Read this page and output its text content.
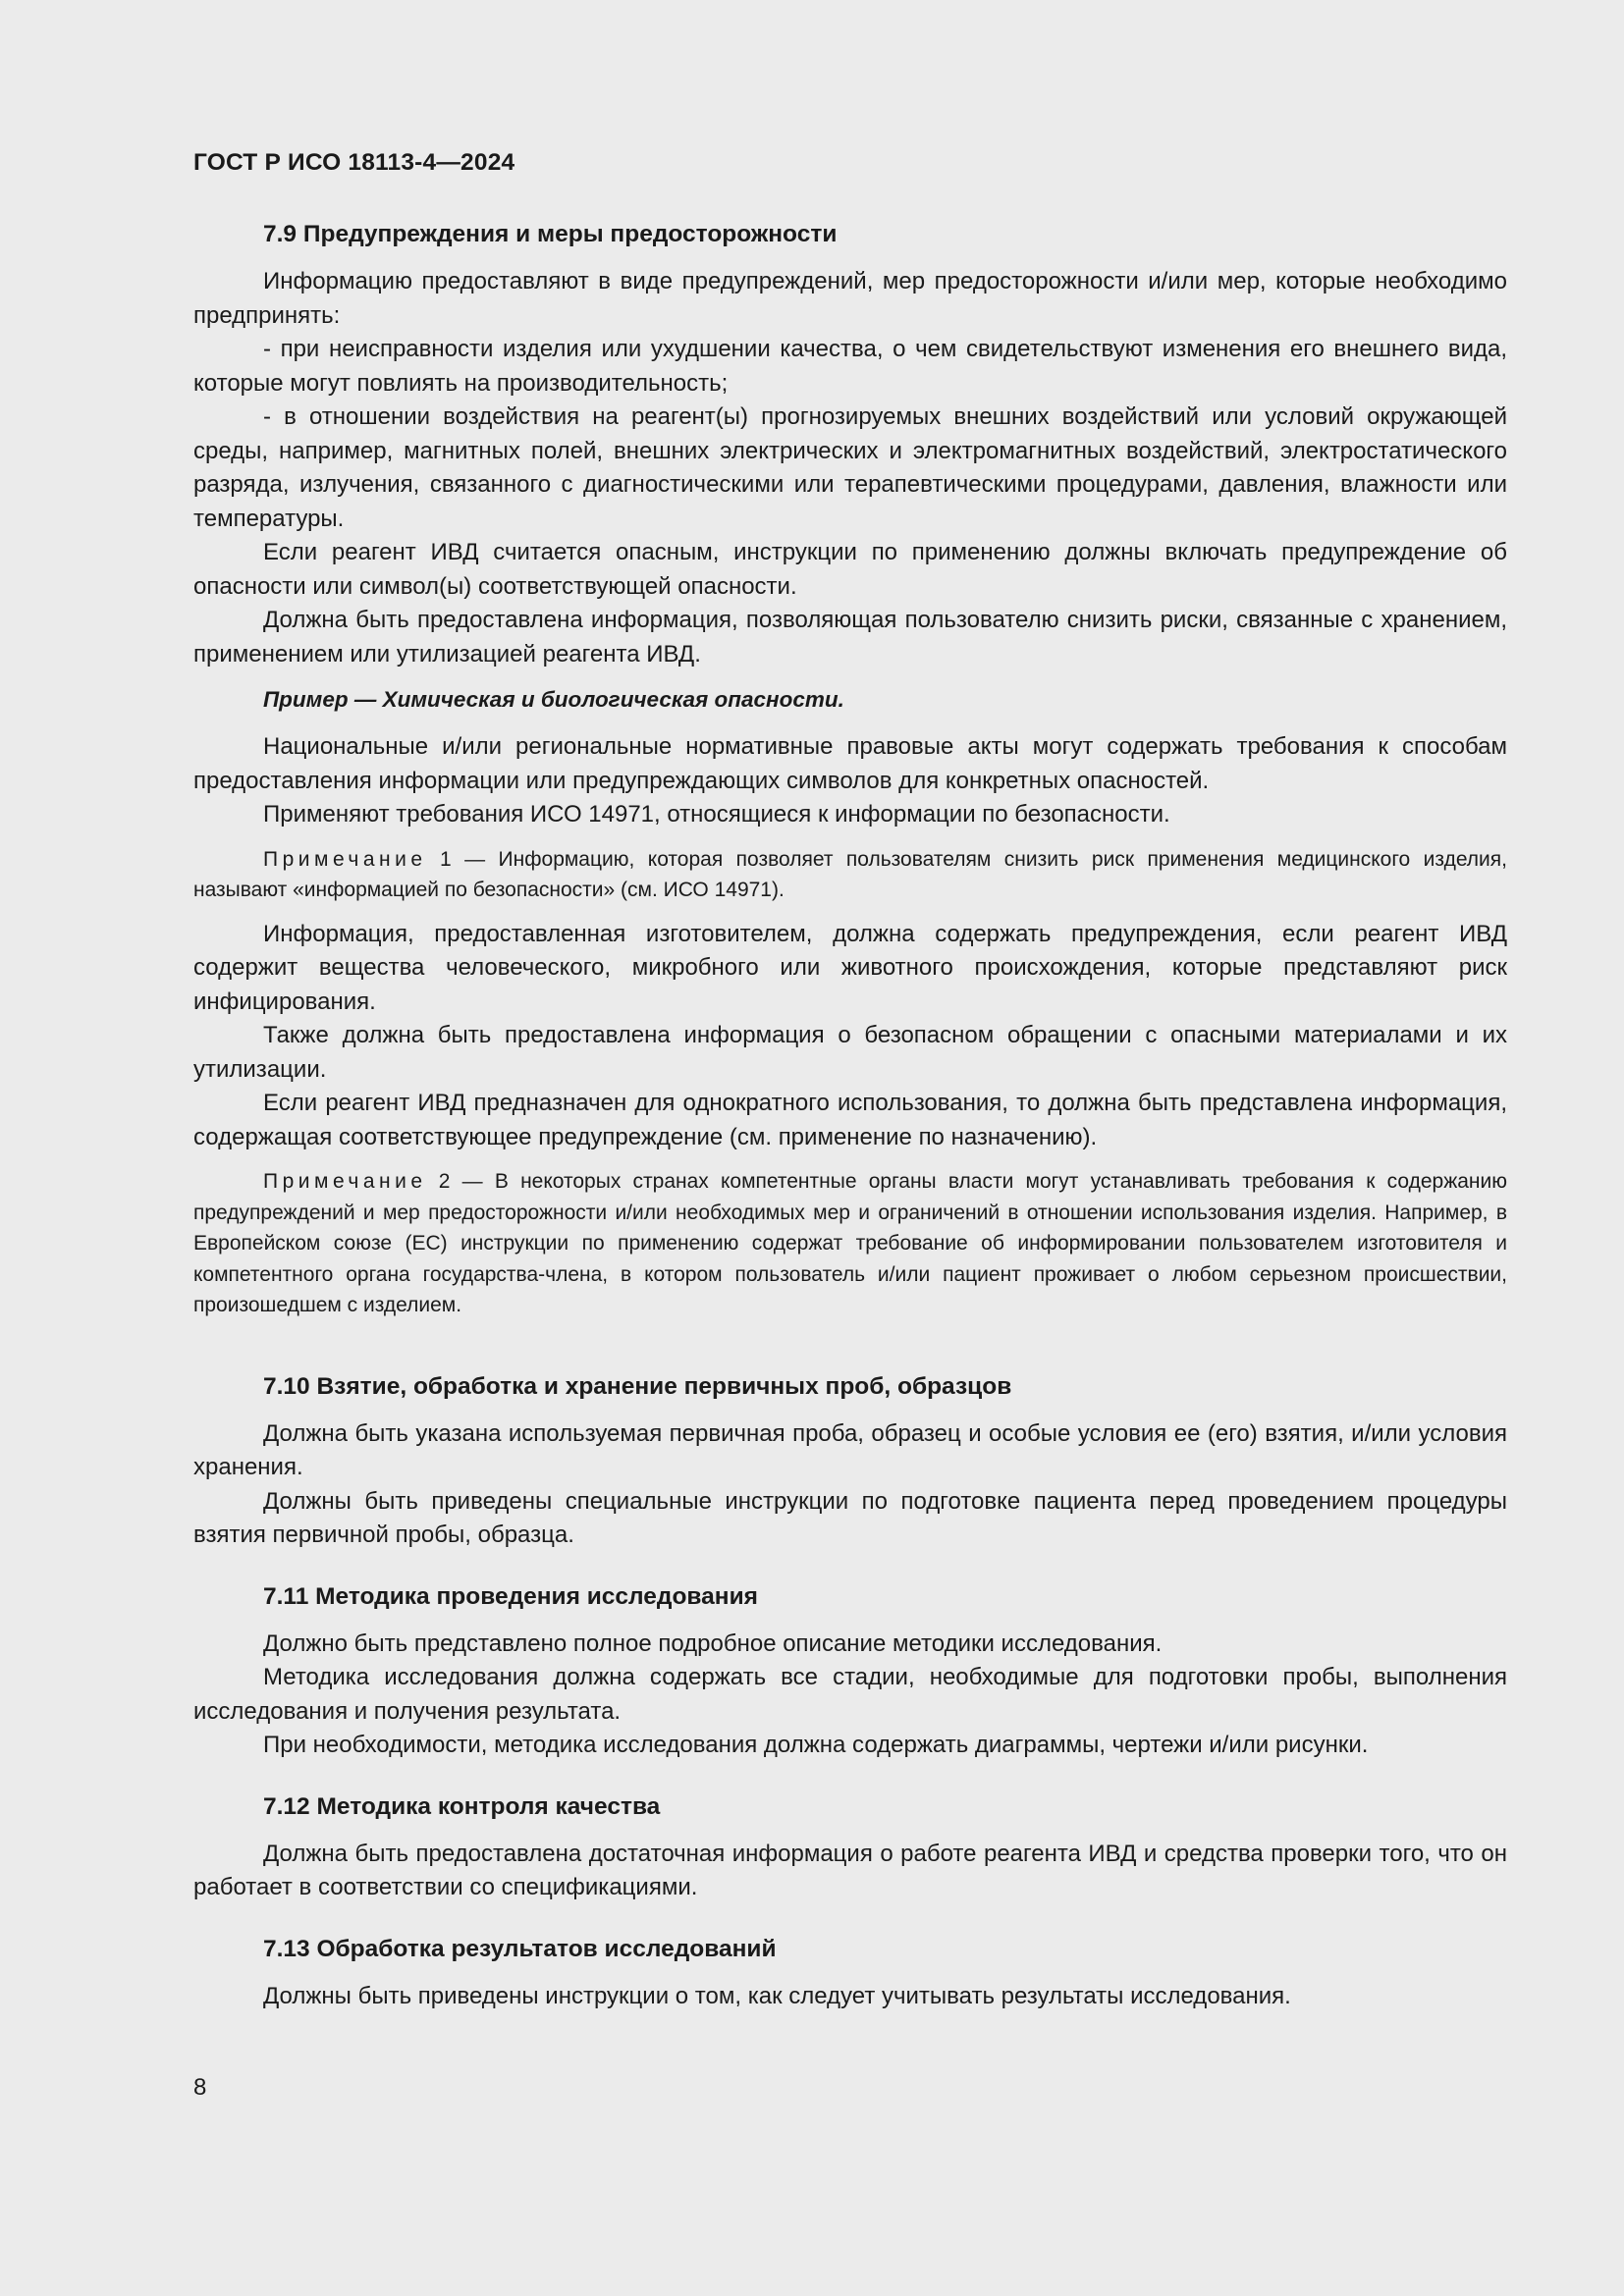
ГОСТ Р ИСО 18113-4—2024
7.9 Предупреждения и меры предосторожности

Информацию предоставляют в виде предупреждений, мер предосторожности и/или мер, которые необходимо предпринять:

- при неисправности изделия или ухудшении качества, о чем свидетельствуют изменения его внешнего вида, которые могут повлиять на производительность;

- в отношении воздействия на реагент(ы) прогнозируемых внешних воздействий или условий окружающей среды, например, магнитных полей, внешних электрических и электромагнитных воздействий, электростатического разряда, излучения, связанного с диагностическими или терапевтическими процедурами, давления, влажности или температуры.

Если реагент ИВД считается опасным, инструкции по применению должны включать предупреждение об опасности или символ(ы) соответствующей опасности.

Должна быть предоставлена информация, позволяющая пользователю снизить риски, связанные с хранением, применением или утилизацией реагента ИВД.

Пример — Химическая и биологическая опасности.

Национальные и/или региональные нормативные правовые акты могут содержать требования к способам предоставления информации или предупреждающих символов для конкретных опасностей.

Применяют требования ИСО 14971, относящиеся к информации по безопасности.

Примечание 1 — Информацию, которая позволяет пользователям снизить риск применения медицинского изделия, называют «информацией по безопасности» (см. ИСО 14971).

Информация, предоставленная изготовителем, должна содержать предупреждения, если реагент ИВД содержит вещества человеческого, микробного или животного происхождения, которые представляют риск инфицирования.

Также должна быть предоставлена информация о безопасном обращении с опасными материалами и их утилизации.

Если реагент ИВД предназначен для однократного использования, то должна быть представлена информация, содержащая соответствующее предупреждение (см. применение по назначению).

Примечание 2 — В некоторых странах компетентные органы власти могут устанавливать требования к содержанию предупреждений и мер предосторожности и/или необходимых мер и ограничений в отношении использования изделия. Например, в Европейском союзе (ЕС) инструкции по применению содержат требование об информировании пользователем изготовителя и компетентного органа государства-члена, в котором пользователь и/или пациент проживает о любом серьезном происшествии, произошедшем с изделием.

7.10 Взятие, обработка и хранение первичных проб, образцов

Должна быть указана используемая первичная проба, образец и особые условия ее (его) взятия, и/или условия хранения.

Должны быть приведены специальные инструкции по подготовке пациента перед проведением процедуры взятия первичной пробы, образца.

7.11 Методика проведения исследования

Должно быть представлено полное подробное описание методики исследования.

Методика исследования должна содержать все стадии, необходимые для подготовки пробы, выполнения исследования и получения результата.

При необходимости, методика исследования должна содержать диаграммы, чертежи и/или рисунки.

7.12 Методика контроля качества

Должна быть предоставлена достаточная информация о работе реагента ИВД и средства проверки того, что он работает в соответствии со спецификациями.

7.13 Обработка результатов исследований

Должны быть приведены инструкции о том, как следует учитывать результаты исследования.

8
